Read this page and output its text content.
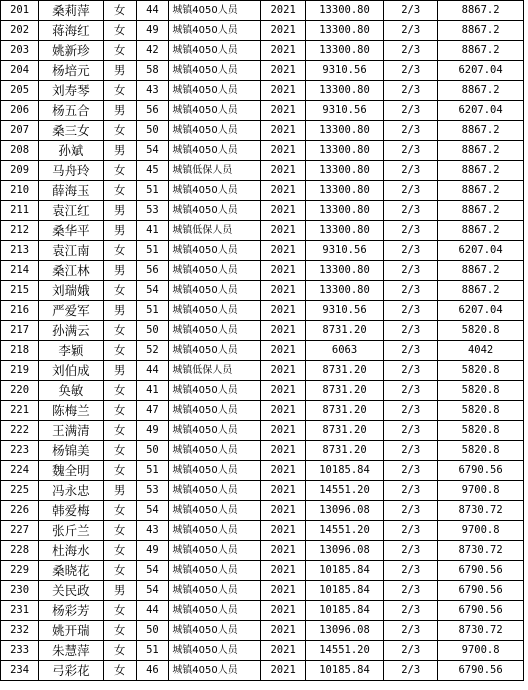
201	桑莉萍	女	44	城镇4050人员	2021	13300.80	2/3	8867.2
202	蒋海红	女	49	城镇4050人员	2021	13300.80	2/3	8867.2
203	姚新珍	女	42	城镇4050人员	2021	13300.80	2/3	8867.2
204	杨培元	男	58	城镇4050人员	2021	9310.56	2/3	6207.04
205	刘寿琴	女	43	城镇4050人员	2021	13300.80	2/3	8867.2
206	杨五合	男	56	城镇4050人员	2021	9310.56	2/3	6207.04
207	桑三女	女	50	城镇4050人员	2021	13300.80	2/3	8867.2
208	孙斌	男	54	城镇4050人员	2021	13300.80	2/3	8867.2
209	马舟玲	女	45	城镇低保人员	2021	13300.80	2/3	8867.2
210	薛海玉	女	51	城镇4050人员	2021	13300.80	2/3	8867.2
211	袁江红	男	53	城镇4050人员	2021	13300.80	2/3	8867.2
212	桑华平	男	41	城镇低保人员	2021	13300.80	2/3	8867.2
213	袁江南	女	51	城镇4050人员	2021	9310.56	2/3	6207.04
214	桑江林	男	56	城镇4050人员	2021	13300.80	2/3	8867.2
215	刘瑞娥	女	54	城镇4050人员	2021	13300.80	2/3	8867.2
216	严爱军	男	51	城镇4050人员	2021	9310.56	2/3	6207.04
217	孙满云	女	50	城镇4050人员	2021	8731.20	2/3	5820.8
218	李颖	女	52	城镇4050人员	2021	6063	2/3	4042
219	刘伯成	男	44	城镇低保人员	2021	8731.20	2/3	5820.8
220	奂敏	女	41	城镇4050人员	2021	8731.20	2/3	5820.8
221	陈梅兰	女	47	城镇4050人员	2021	8731.20	2/3	5820.8
222	王满清	女	49	城镇4050人员	2021	8731.20	2/3	5820.8
223	杨锦美	女	50	城镇4050人员	2021	8731.20	2/3	5820.8
224	魏全明	女	51	城镇4050人员	2021	10185.84	2/3	6790.56
225	冯永忠	男	53	城镇4050人员	2021	14551.20	2/3	9700.8
226	韩爱梅	女	54	城镇4050人员	2021	13096.08	2/3	8730.72
227	张斤兰	女	43	城镇4050人员	2021	14551.20	2/3	9700.8
228	杜海水	女	49	城镇4050人员	2021	13096.08	2/3	8730.72
229	桑晓花	女	54	城镇4050人员	2021	10185.84	2/3	6790.56
230	关民政	男	54	城镇4050人员	2021	10185.84	2/3	6790.56
231	杨彩芳	女	44	城镇4050人员	2021	10185.84	2/3	6790.56
232	姚开瑞	女	50	城镇4050人员	2021	13096.08	2/3	8730.72
233	朱慧萍	女	51	城镇4050人员	2021	14551.20	2/3	9700.8
234	弓彩花	女	46	城镇4050人员	2021	10185.84	2/3	6790.56
